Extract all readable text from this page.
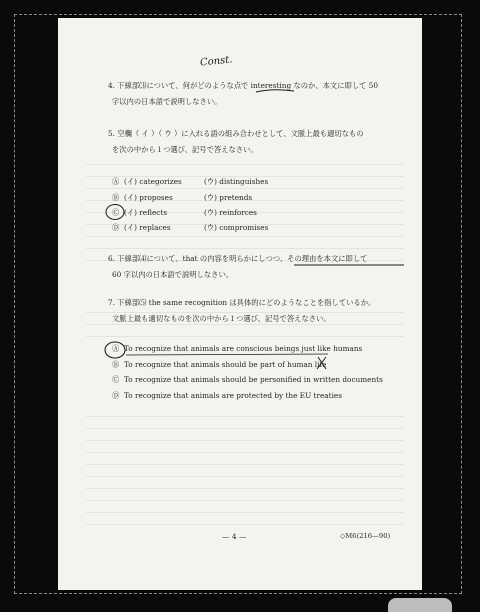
Const.
4. 下線部⑶について、何がどのような点で interesting なのか、本文に即して 50
字以内の日本語で説明しなさい。
5. 空欄（ イ ）（ ウ ）に入れる語の組み合わせとして、文脈上最も適切なもの
を次の中から１つ選び、記号で答えなさい。
Ⓐ (イ) categorizes	(ウ) distinguishes
Ⓑ (イ) proposes	(ウ) pretends
Ⓒ (イ) reflects	(ウ) reinforces
Ⓓ (イ) replaces	(ウ) compromises
6. 下線部⑷について、that の内容を明らかにしつつ、その理由を本文に即して
60 字以内の日本語で説明しなさい。
7. 下線部⑸ the same recognition は具体的にどのようなことを指しているか。
文脈上最も適切なものを次の中から１つ選び、記号で答えなさい。
Ⓐ To recognize that animals are conscious beings just like humans
Ⓑ To recognize that animals should be part of human life
Ⓒ To recognize that animals should be personified in written documents
Ⓓ To recognize that animals are protected by the EU treaties
— 4 —	◇M6(216—90)
